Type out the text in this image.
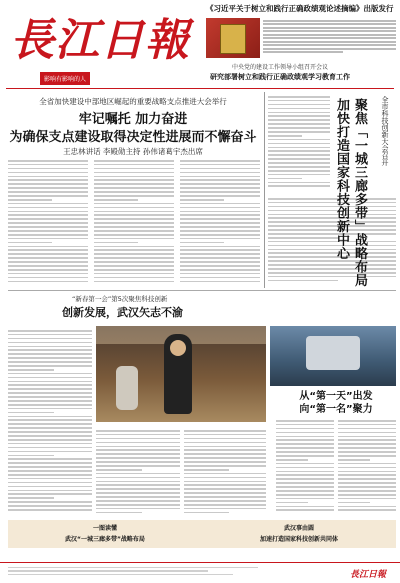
長江日報
影响有影响的人
《习近平关于树立和践行正确政绩观论述摘编》出版发行
中央党的建设工作领导小组召开会议
研究部署树立和践行正确政绩观学习教育工作
全省加快建设中部地区崛起的重要战略支点推进大会举行
牢记嘱托 加力奋进
为确保支点建设取得决定性进展而不懈奋斗
王忠林讲话 李殿勋主持 孙伟诸葛宇杰出席	聚焦「一城三廊多带」战略布局
加快打造国家科技创新中心	全市科技创新大会召开
“新春第一会”第5次聚焦科技创新
创新发展，武汉矢志不渝
从“第一天”出发
向“第一名”聚力
一图读懂
武汉“一城三廊多带”战略布局
武汉事由圆
加速打造国家科技创新共同体
長江日報
